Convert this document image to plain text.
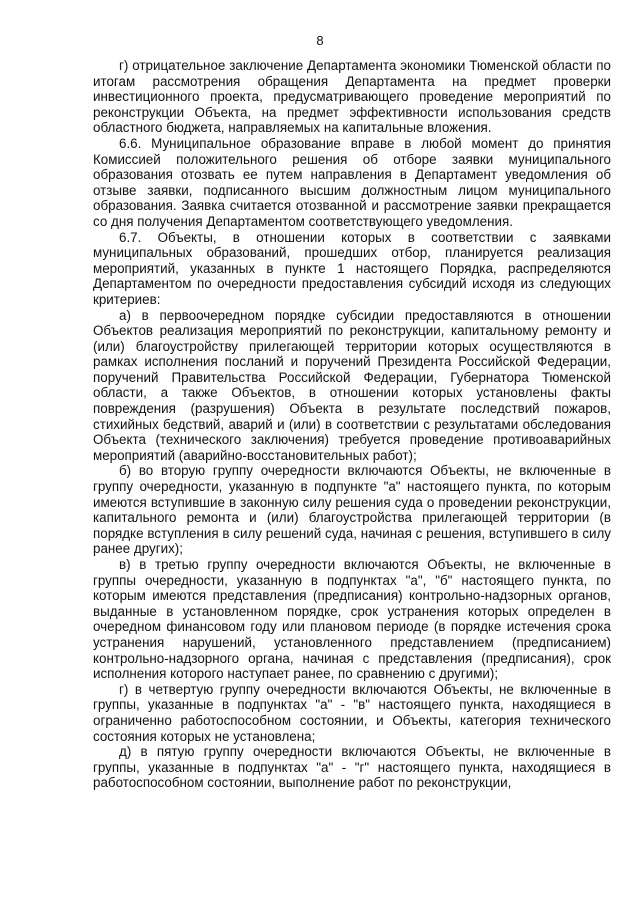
8

г) отрицательное заключение Департамента экономики Тюменской области по итогам рассмотрения обращения Департамента на предмет проверки инвестиционного проекта, предусматривающего проведение мероприятий по реконструкции Объекта, на предмет эффективности использования средств областного бюджета, направляемых на капитальные вложения.

6.6. Муниципальное образование вправе в любой момент до принятия Комиссией положительного решения об отборе заявки муниципального образования отозвать ее путем направления в Департамент уведомления об отзыве заявки, подписанного высшим должностным лицом муниципального образования. Заявка считается отозванной и рассмотрение заявки прекращается со дня получения Департаментом соответствующего уведомления.

6.7. Объекты, в отношении которых в соответствии с заявками муниципальных образований, прошедших отбор, планируется реализация мероприятий, указанных в пункте 1 настоящего Порядка, распределяются Департаментом по очередности предоставления субсидий исходя из следующих критериев:

а) в первоочередном порядке субсидии предоставляются в отношении Объектов реализация мероприятий по реконструкции, капитальному ремонту и (или) благоустройству прилегающей территории которых осуществляются в рамках исполнения посланий и поручений Президента Российской Федерации, поручений Правительства Российской Федерации, Губернатора Тюменской области, а также Объектов, в отношении которых установлены факты повреждения (разрушения) Объекта в результате последствий пожаров, стихийных бедствий, аварий и (или) в соответствии с результатами обследования Объекта (технического заключения) требуется проведение противоаварийных мероприятий (аварийно-восстановительных работ);

б) во вторую группу очередности включаются Объекты, не включенные в группу очередности, указанную в подпункте "а" настоящего пункта, по которым имеются вступившие в законную силу решения суда о проведении реконструкции, капитального ремонта и (или) благоустройства прилегающей территории (в порядке вступления в силу решений суда, начиная с решения, вступившего в силу ранее других);

в) в третью группу очередности включаются Объекты, не включенные в группы очередности, указанную в подпунктах "а", "б" настоящего пункта, по которым имеются представления (предписания) контрольно-надзорных органов, выданные в установленном порядке, срок устранения которых определен в очередном финансовом году или плановом периоде (в порядке истечения срока устранения нарушений, установленного представлением (предписанием) контрольно-надзорного органа, начиная с представления (предписания), срок исполнения которого наступает ранее, по сравнению с другими);

г) в четвертую группу очередности включаются Объекты, не включенные в группы, указанные в подпунктах "а" - "в" настоящего пункта, находящиеся в ограниченно работоспособном состоянии, и Объекты, категория технического состояния которых не установлена;

д) в пятую группу очередности включаются Объекты, не включенные в группы, указанные в подпунктах "а" - "г" настоящего пункта, находящиеся в работоспособном состоянии, выполнение работ по реконструкции,
